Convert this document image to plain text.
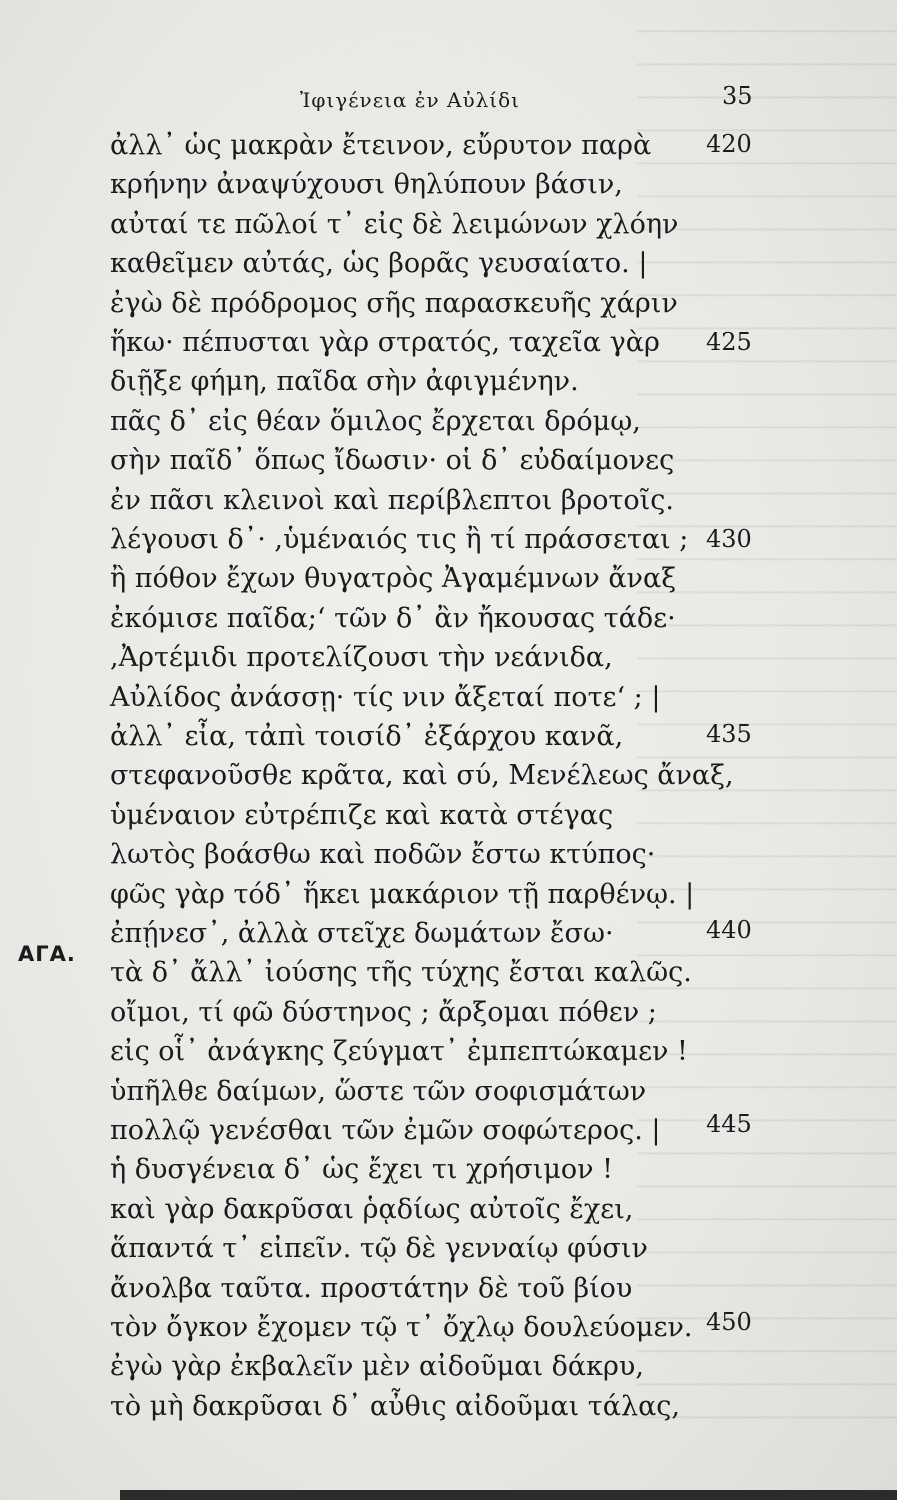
Ἰφιγένεια ἐν Αὐλίδι	35
ἀλλ᾽ ὡς μακρὰν ἔτεινον, εὔρυτον παρὰ
κρήνην ἀναψύχουσι θηλύπουν βάσιν,
αὐταί τε πῶλοί τ᾽ εἰς δὲ λειμώνων χλόην
καθεῖμεν αὐτάς, ὡς βορᾶς γευσαίατο. |
ἐγὼ δὲ πρόδρομος σῆς παρασκευῆς χάριν
ἥκω· πέπυσται γὰρ στρατός, ταχεῖα γὰρ
διῇξε φήμη, παῖδα σὴν ἀφιγμένην.
πᾶς δ᾽ εἰς θέαν ὅμιλος ἔρχεται δρόμῳ,
σὴν παῖδ᾽ ὅπως ἴδωσιν· οἱ δ᾽ εὐδαίμονες
ἐν πᾶσι κλεινοὶ καὶ περίβλεπτοι βροτοῖς.
λέγουσι δ᾽· ,ὑμέναιός τις ἢ τί πράσσεται ;
ἢ πόθον ἔχων θυγατρὸς Ἀγαμέμνων ἄναξ
ἐκόμισε παῖδα;‘ τῶν δ᾽ ἂν ἤκουσας τάδε·
,Ἀρτέμιδι προτελίζουσι τὴν νεάνιδα,
Αὐλίδος ἀνάσσῃ· τίς νιν ἄξεταί ποτε‘ ; |
ἀλλ᾽ εἶα, τἀπὶ τοισίδ᾽ ἐξάρχου κανᾶ,
στεφανοῦσθε κρᾶτα, καὶ σύ, Μενέλεως ἄναξ,
ὑμέναιον εὐτρέπιζε καὶ κατὰ στέγας
λωτὸς βοάσθω καὶ ποδῶν ἔστω κτύπος·
φῶς γὰρ τόδ᾽ ἥκει μακάριον τῇ παρθένῳ. |
ἐπῄνεσ᾽, ἀλλὰ στεῖχε δωμάτων ἔσω·
τὰ δ᾽ ἄλλ᾽ ἰούσης τῆς τύχης ἔσται καλῶς.
οἴμοι, τί φῶ δύστηνος ; ἄρξομαι πόθεν ;
εἰς οἷ᾽ ἀνάγκης ζεύγματ᾽ ἐμπεπτώκαμεν !
ὑπῆλθε δαίμων, ὥστε τῶν σοφισμάτων
πολλῷ γενέσθαι τῶν ἐμῶν σοφώτερος. |
ἡ δυσγένεια δ᾽ ὡς ἔχει τι χρήσιμον !
καὶ γὰρ δακρῦσαι ῥᾳδίως αὐτοῖς ἔχει,
ἅπαντά τ᾽ εἰπεῖν. τῷ δὲ γενναίῳ φύσιν
ἄνολβα ταῦτα. προστάτην δὲ τοῦ βίου
τὸν ὄγκον ἔχομεν τῷ τ᾽ ὄχλῳ δουλεύομεν.
ἐγὼ γὰρ ἐκβαλεῖν μὲν αἰδοῦμαι δάκρυ,
τὸ μὴ δακρῦσαι δ᾽ αὖθις αἰδοῦμαι τάλας,
ΑΓΑ.
420
425
430
435
440
445
450
